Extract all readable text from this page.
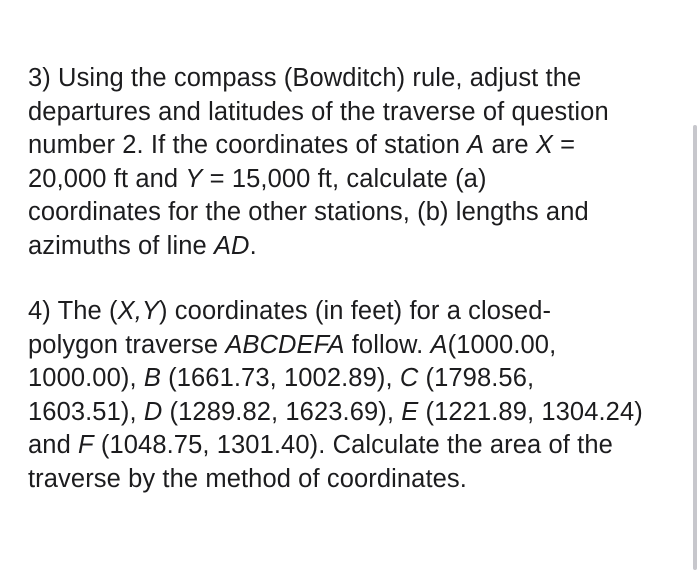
3) Using the compass (Bowditch) rule, adjust the
departures and latitudes of the traverse of question
number 2. If the coordinates of station A are X =
20,000 ft and Y = 15,000 ft, calculate (a)
coordinates for the other stations, (b) lengths and
azimuths of line AD.
4) The (X,Y) coordinates (in feet) for a closed-
polygon traverse ABCDEFA follow. A(1000.00,
1000.00), B (1661.73, 1002.89), C (1798.56,
1603.51), D (1289.82, 1623.69), E (1221.89, 1304.24)
and F (1048.75, 1301.40). Calculate the area of the
traverse by the method of coordinates.
